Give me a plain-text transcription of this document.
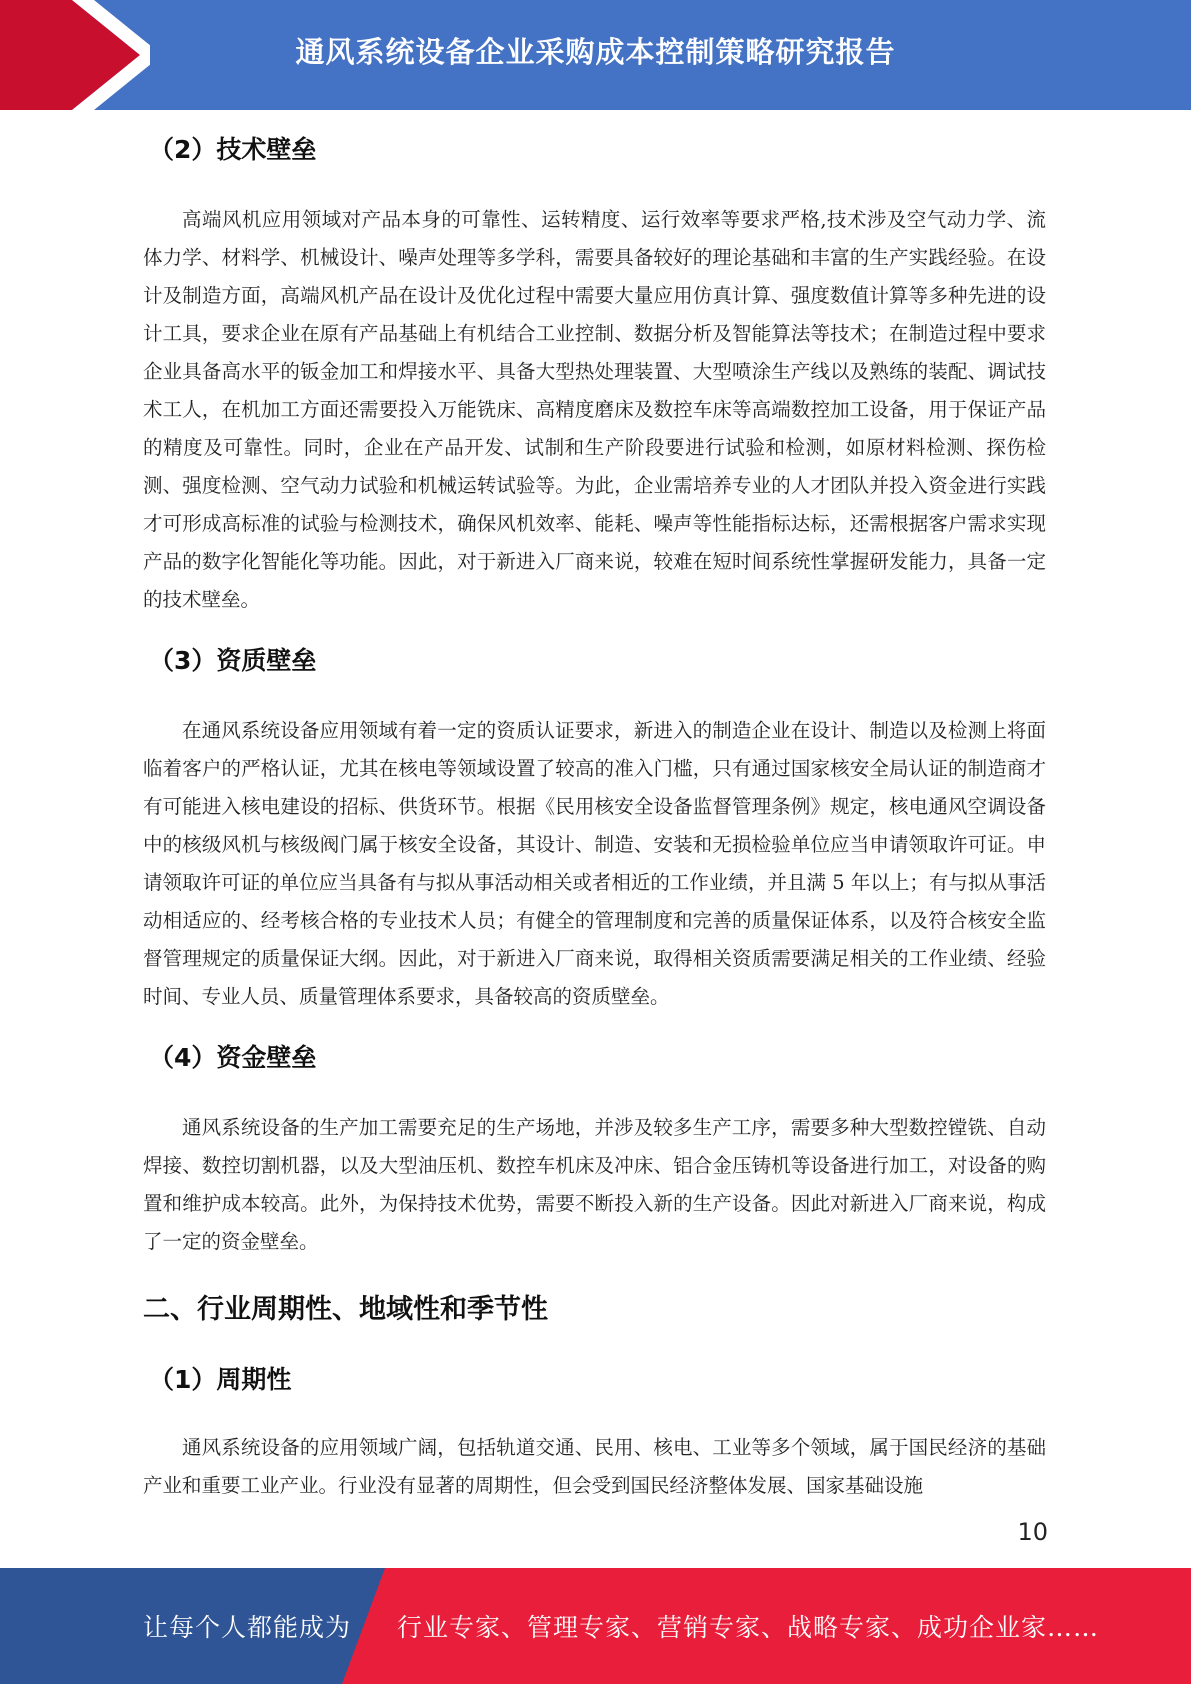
通风系统设备企业采购成本控制策略研究报告
（2）技术壁垒

高端风机应用领域对产品本身的可靠性、运转精度、运行效率等要求严格,技术涉及空气动力学、流体力学、材料学、机械设计、噪声处理等多学科，需要具备较好的理论基础和丰富的生产实践经验。在设计及制造方面，高端风机产品在设计及优化过程中需要大量应用仿真计算、强度数值计算等多种先进的设计工具，要求企业在原有产品基础上有机结合工业控制、数据分析及智能算法等技术；在制造过程中要求企业具备高水平的钣金加工和焊接水平、具备大型热处理装置、大型喷涂生产线以及熟练的装配、调试技术工人，在机加工方面还需要投入万能铣床、高精度磨床及数控车床等高端数控加工设备，用于保证产品的精度及可靠性。同时，企业在产品开发、试制和生产阶段要进行试验和检测，如原材料检测、探伤检测、强度检测、空气动力试验和机械运转试验等。为此，企业需培养专业的人才团队并投入资金进行实践才可形成高标准的试验与检测技术，确保风机效率、能耗、噪声等性能指标达标，还需根据客户需求实现产品的数字化智能化等功能。因此，对于新进入厂商来说，较难在短时间系统性掌握研发能力，具备一定的技术壁垒。

（3）资质壁垒

在通风系统设备应用领域有着一定的资质认证要求，新进入的制造企业在设计、制造以及检测上将面临着客户的严格认证，尤其在核电等领域设置了较高的准入门槛，只有通过国家核安全局认证的制造商才有可能进入核电建设的招标、供货环节。根据《民用核安全设备监督管理条例》规定，核电通风空调设备中的核级风机与核级阀门属于核安全设备，其设计、制造、安装和无损检验单位应当申请领取许可证。申请领取许可证的单位应当具备有与拟从事活动相关或者相近的工作业绩，并且满 5 年以上；有与拟从事活动相适应的、经考核合格的专业技术人员；有健全的管理制度和完善的质量保证体系，以及符合核安全监督管理规定的质量保证大纲。因此，对于新进入厂商来说，取得相关资质需要满足相关的工作业绩、经验时间、专业人员、质量管理体系要求，具备较高的资质壁垒。

（4）资金壁垒

通风系统设备的生产加工需要充足的生产场地，并涉及较多生产工序，需要多种大型数控镗铣、自动焊接、数控切割机器，以及大型油压机、数控车机床及冲床、铝合金压铸机等设备进行加工，对设备的购置和维护成本较高。此外，为保持技术优势，需要不断投入新的生产设备。因此对新进入厂商来说，构成了一定的资金壁垒。

二、行业周期性、地域性和季节性
（1）周期性

通风系统设备的应用领域广阔，包括轨道交通、民用、核电、工业等多个领域，属于国民经济的基础产业和重要工业产业。行业没有显著的周期性，但会受到国民经济整体发展、国家基础设施

10
让每个人都能成为 行业专家、管理专家、营销专家、战略专家、成功企业家……
